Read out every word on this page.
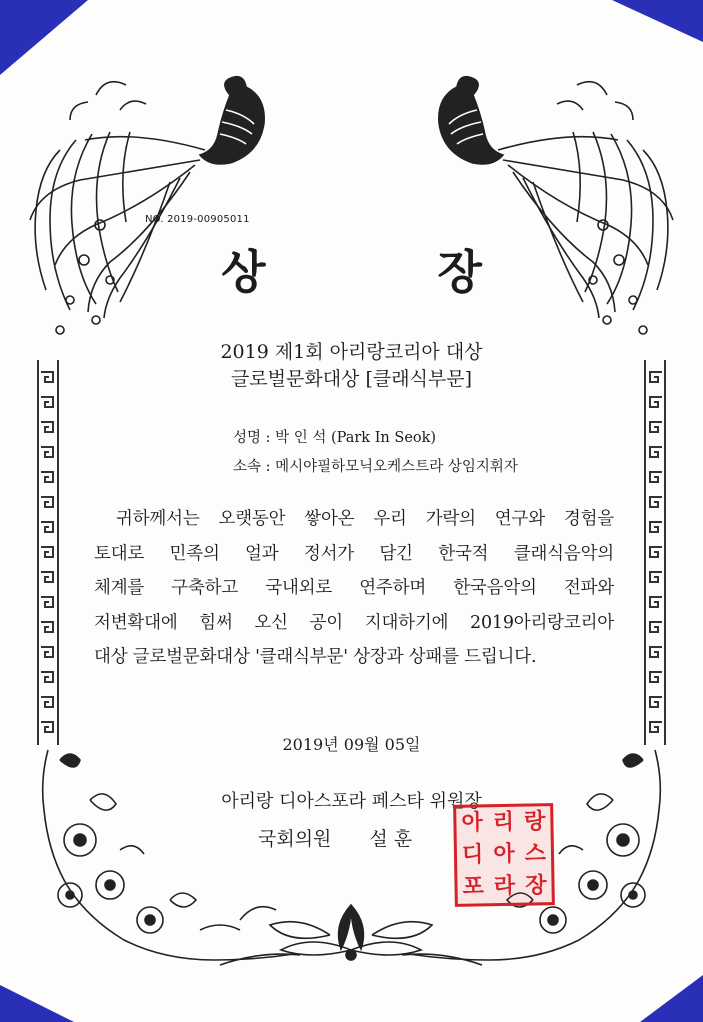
NO. 2019-00905011
상	장
2019 제1회 아리랑코리아 대상
글로벌문화대상 [클래식부문]
성명 : 박 인 석 (Park In Seok)
소속 : 메시야필하모닉오케스트라 상임지휘자
귀하께서는 오랫동안 쌓아온 우리 가락의 연구와 경험을
토대로 민족의 얼과 정서가 담긴 한국적 클래식음악의
체계를 구축하고 국내외로 연주하며 한국음악의 전파와
저변확대에 힘써 오신 공이 지대하기에 2019아리랑코리아
대상 글로벌문화대상 '클래식부문' 상장과 상패를 드립니다.
2019년 09월 05일
아리랑 디아스포라 페스타 위원장
국회의원 설 훈
아 리 랑
디 아 스
포 라 장
